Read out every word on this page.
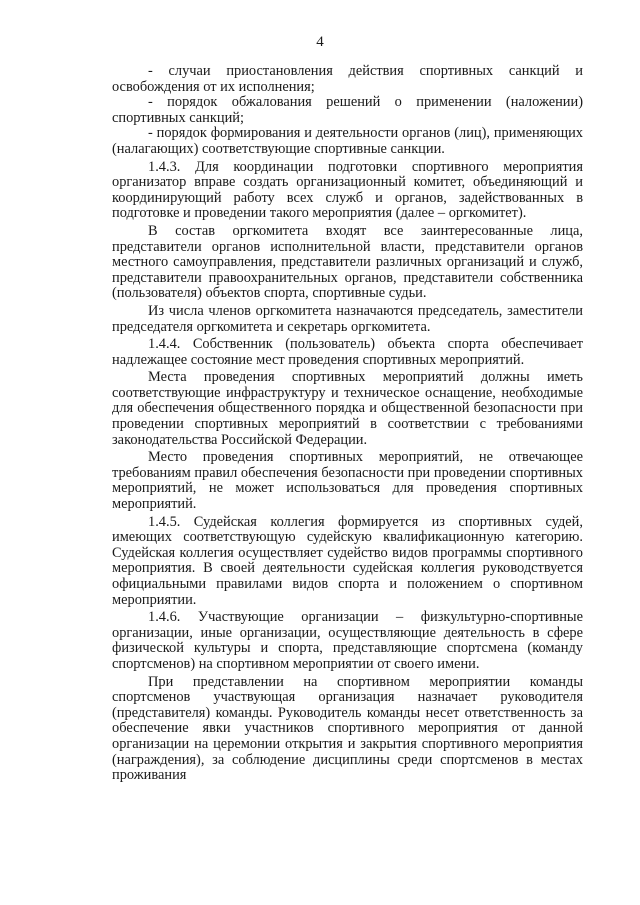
4

- случаи приостановления действия спортивных санкций и освобождения от их исполнения;

- порядок обжалования решений о применении (наложении) спортивных санкций;

- порядок формирования и деятельности органов (лиц), применяющих (налагающих) соответствующие спортивные санкции.

1.4.3. Для координации подготовки спортивного мероприятия организатор вправе создать организационный комитет, объединяющий и координирующий работу всех служб и органов, задействованных в подготовке и проведении такого мероприятия (далее – оргкомитет).

В состав оргкомитета входят все заинтересованные лица, представители органов исполнительной власти, представители органов местного самоуправления, представители различных организаций и служб, представители правоохранительных органов, представители собственника (пользователя) объектов спорта, спортивные судьи.

Из числа членов оргкомитета назначаются председатель, заместители председателя оргкомитета и секретарь оргкомитета.

1.4.4. Собственник (пользователь) объекта спорта обеспечивает надлежащее состояние мест проведения спортивных мероприятий.

Места проведения спортивных мероприятий должны иметь соответствующие инфраструктуру и техническое оснащение, необходимые для обеспечения общественного порядка и общественной безопасности при проведении спортивных мероприятий в соответствии с требованиями законодательства Российской Федерации.

Место проведения спортивных мероприятий, не отвечающее требованиям правил обеспечения безопасности при проведении спортивных мероприятий, не может использоваться для проведения спортивных мероприятий.

1.4.5. Судейская коллегия формируется из спортивных судей, имеющих соответствующую судейскую квалификационную категорию. Судейская коллегия осуществляет судейство видов программы спортивного мероприятия. В своей деятельности судейская коллегия руководствуется официальными правилами видов спорта и положением о спортивном мероприятии.

1.4.6. Участвующие организации – физкультурно-спортивные организации, иные организации, осуществляющие деятельность в сфере физической культуры и спорта, представляющие спортсмена (команду спортсменов) на спортивном мероприятии от своего имени.

При представлении на спортивном мероприятии команды спортсменов участвующая организация назначает руководителя (представителя) команды. Руководитель команды несет ответственность за обеспечение явки участников спортивного мероприятия от данной организации на церемонии открытия и закрытия спортивного мероприятия (награждения), за соблюдение дисциплины среди спортсменов в местах проживания
